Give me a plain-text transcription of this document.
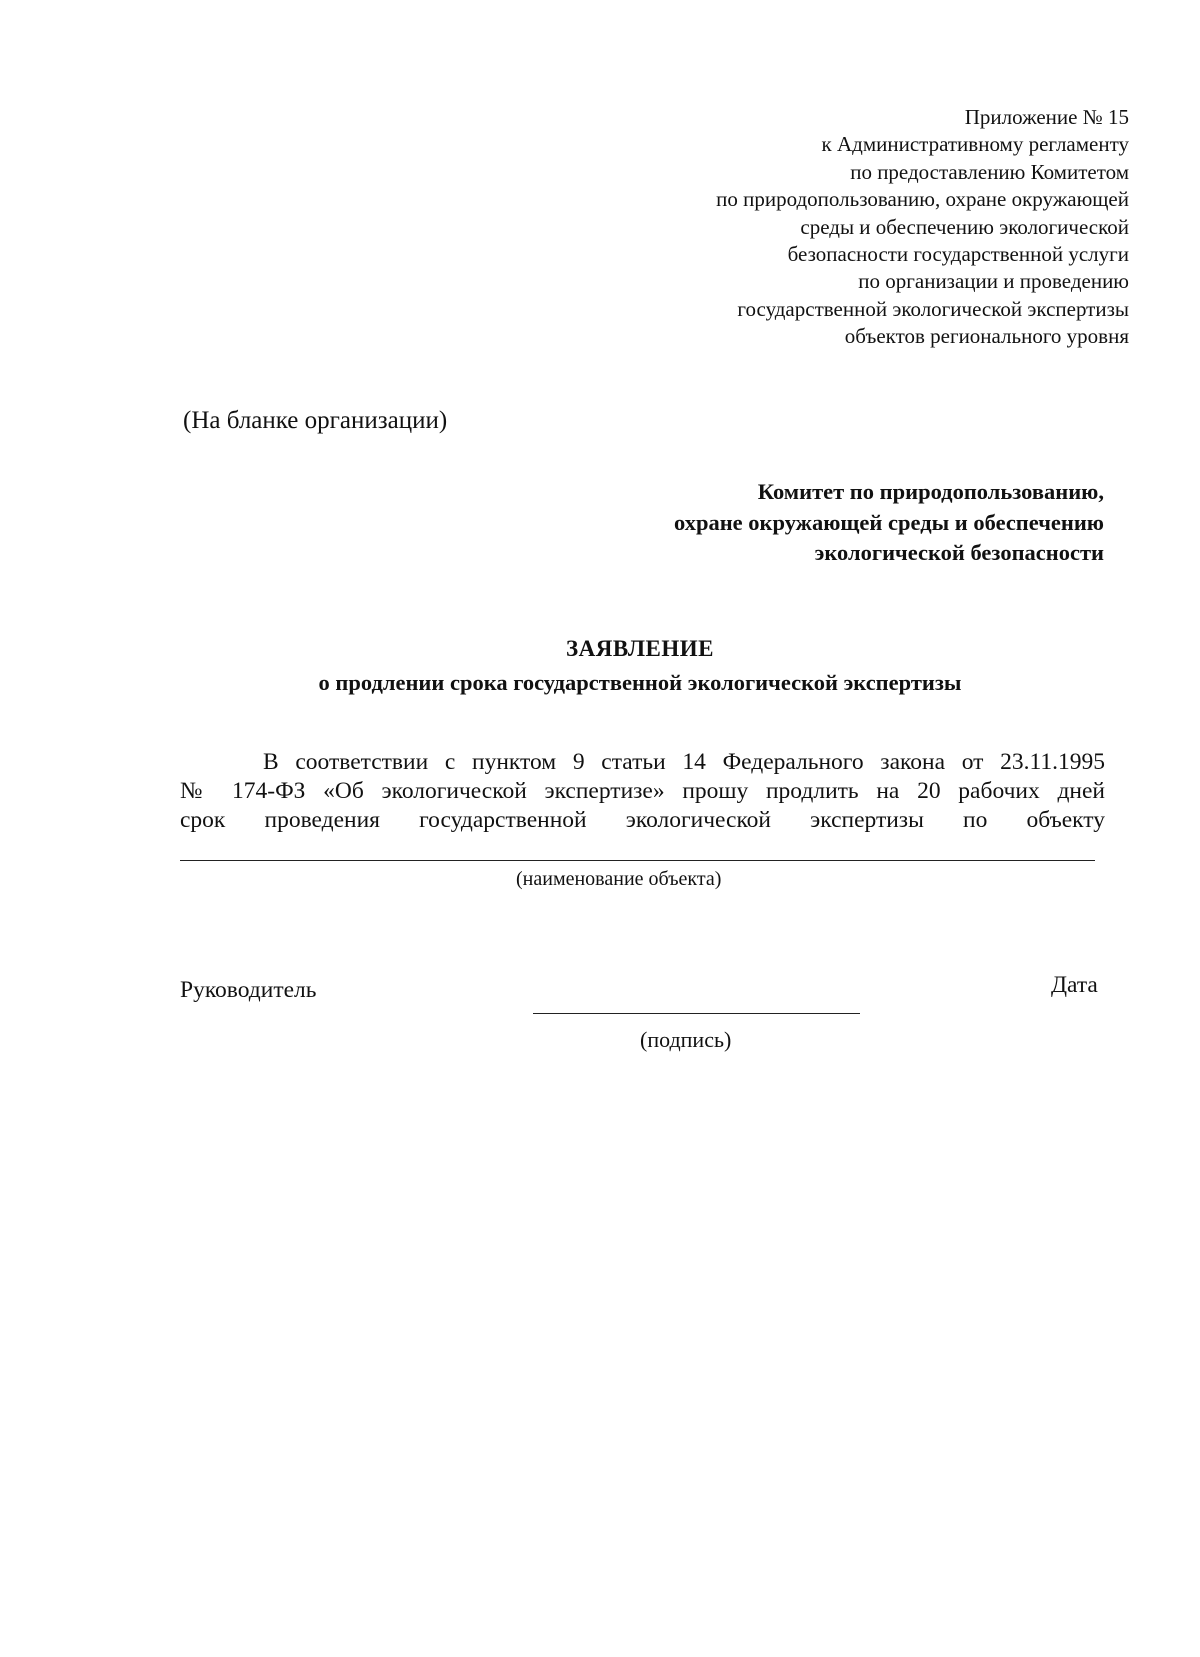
Приложение № 15
к Административному регламенту
по предоставлению Комитетом
по природопользованию, охране окружающей
среды и обеспечению экологической
безопасности государственной услуги
по организации и проведению
государственной экологической экспертизы
объектов регионального уровня
(На бланке организации)
Комитет по природопользованию,
охране окружающей среды и обеспечению
экологической безопасности
ЗАЯВЛЕНИЕ
о продлении срока государственной экологической экспертизы
В соответствии с пунктом 9 статьи 14 Федерального закона от 23.11.1995
№ 174-ФЗ «Об экологической экспертизе» прошу продлить на 20 рабочих дней
срок проведения государственной экологической экспертизы по объекту
(наименование объекта)
Руководитель	Дата
(подпись)
